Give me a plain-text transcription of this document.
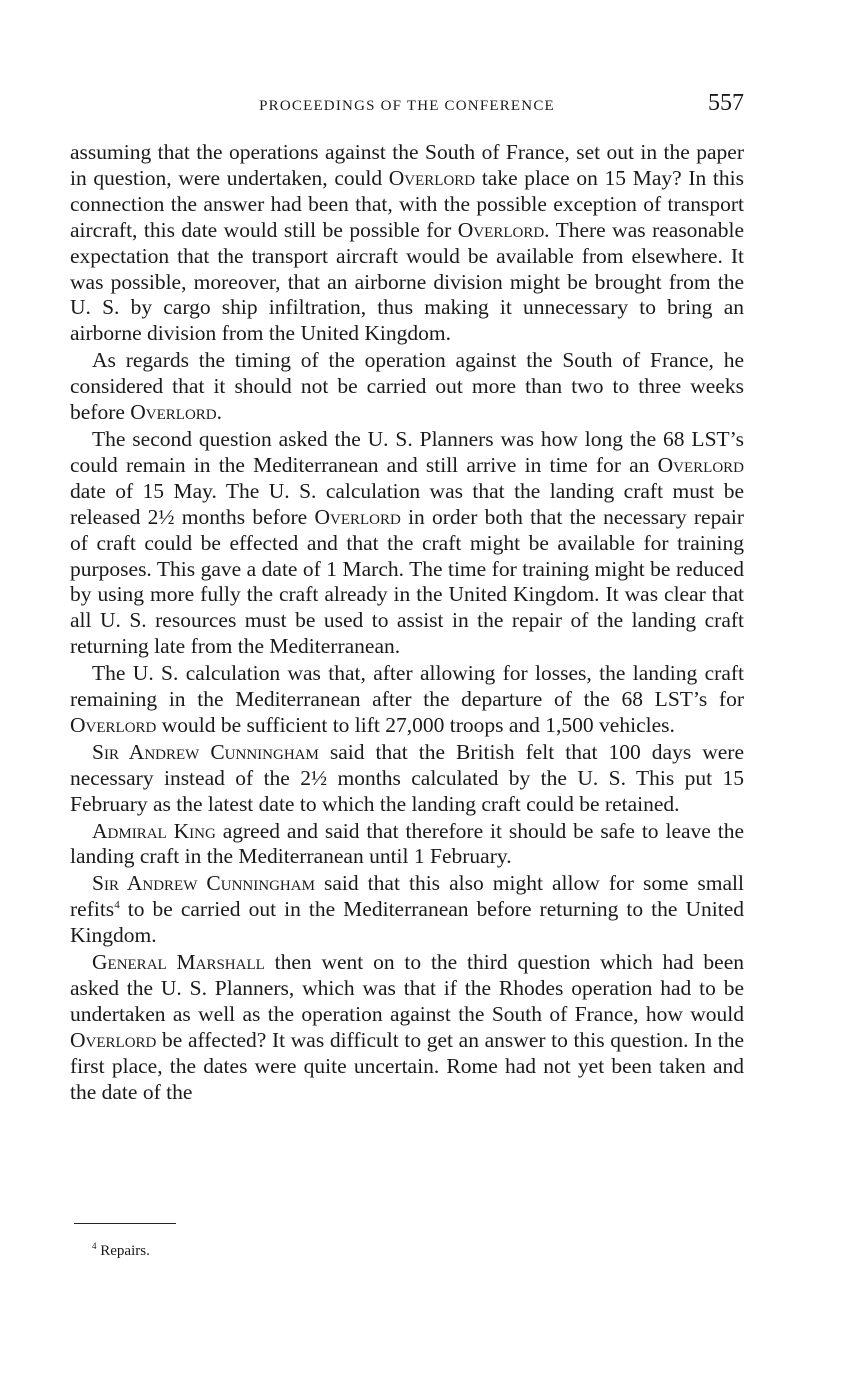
PROCEEDINGS OF THE CONFERENCE	557

assuming that the operations against the South of France, set out in the paper in question, were undertaken, could Overlord take place on 15 May? In this connection the answer had been that, with the possible exception of transport aircraft, this date would still be possible for Overlord. There was reasonable expectation that the transport aircraft would be available from elsewhere. It was possible, moreover, that an airborne division might be brought from the U. S. by cargo ship infiltration, thus making it unnecessary to bring an airborne division from the United Kingdom.

As regards the timing of the operation against the South of France, he considered that it should not be carried out more than two to three weeks before Overlord.

The second question asked the U. S. Planners was how long the 68 LST’s could remain in the Mediterranean and still arrive in time for an Overlord date of 15 May. The U. S. calculation was that the landing craft must be released 2½ months before Overlord in order both that the necessary repair of craft could be effected and that the craft might be available for training purposes. This gave a date of 1 March. The time for training might be reduced by using more fully the craft already in the United Kingdom. It was clear that all U. S. resources must be used to assist in the repair of the landing craft returning late from the Mediterranean.

The U. S. calculation was that, after allowing for losses, the landing craft remaining in the Mediterranean after the departure of the 68 LST’s for Overlord would be sufficient to lift 27,000 troops and 1,500 vehicles.

Sir Andrew Cunningham said that the British felt that 100 days were necessary instead of the 2½ months calculated by the U. S. This put 15 February as the latest date to which the landing craft could be retained.

Admiral King agreed and said that therefore it should be safe to leave the landing craft in the Mediterranean until 1 February.

Sir Andrew Cunningham said that this also might allow for some small refits$^4$ to be carried out in the Mediterranean before returning to the United Kingdom.

General Marshall then went on to the third question which had been asked the U. S. Planners, which was that if the Rhodes operation had to be undertaken as well as the operation against the South of France, how would Overlord be affected? It was difficult to get an answer to this question. In the first place, the dates were quite uncertain. Rome had not yet been taken and the date of the

$^4$ Repairs.
